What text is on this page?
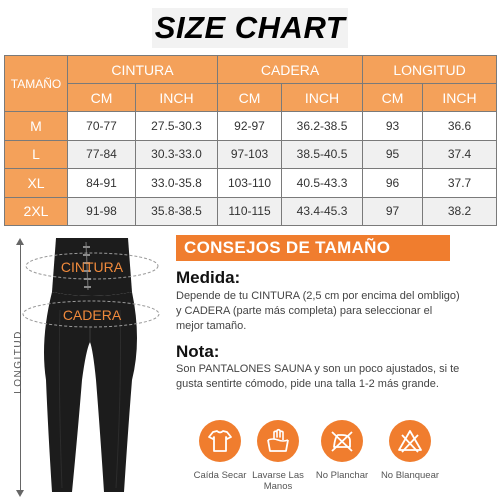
SIZE CHART
TAMAÑO	CINTURA		CADERA		LONGITUD	
	CM	INCH	CM	INCH	CM	INCH
M	70-77	27.5-30.3	92-97	36.2-38.5	93	36.6
L	77-84	30.3-33.0	97-103	38.5-40.5	95	37.4
XL	84-91	33.0-35.8	103-110	40.5-43.3	96	37.7
2XL	91-98	35.8-38.5	110-115	43.4-45.3	97	38.2
LONGITUD
CINTURA
CADERA
CONSEJOS DE TAMAÑO
Medida:
Depende de tu CINTURA (2,5 cm por encima del ombligo) y CADERA (parte más completa) para seleccionar el mejor tamaño.
Nota:
Son PANTALONES SAUNA y son un poco ajustados, si te gusta sentirte cómodo, pide una talla 1-2 más grande.
Caída Secar Lavarse Las Manos
No Planchar	No Blanquear
